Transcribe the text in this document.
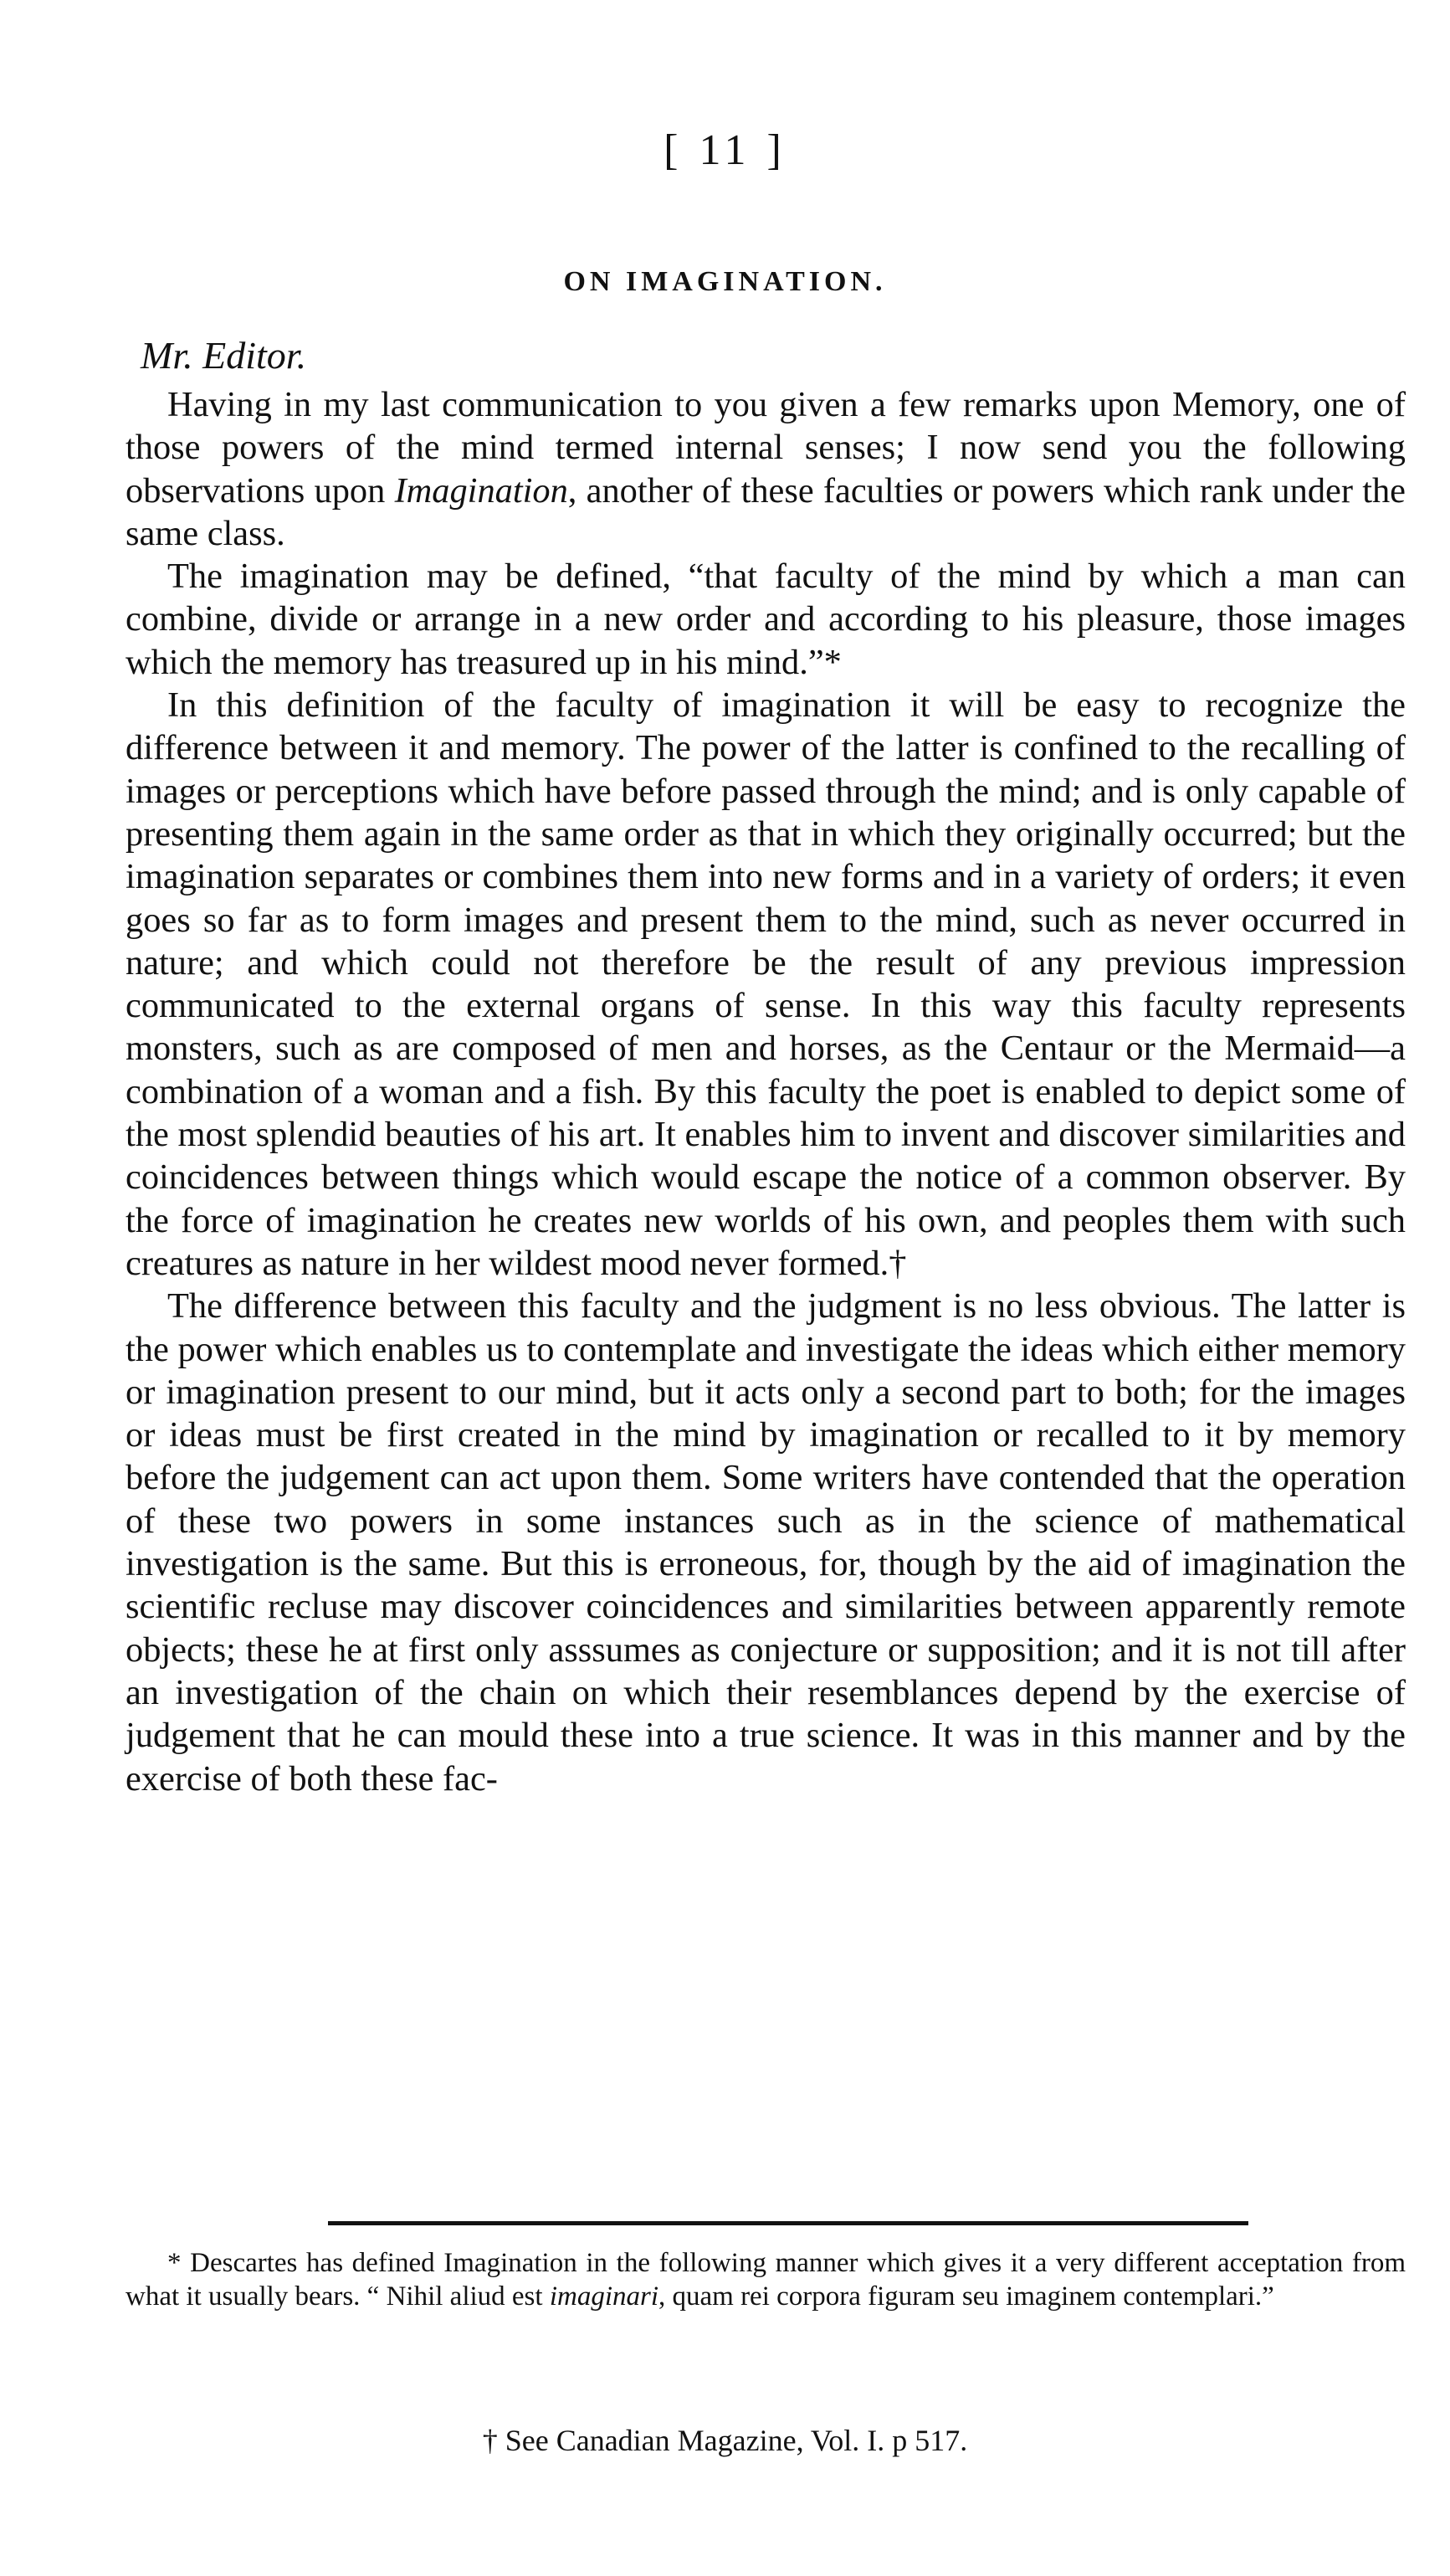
[ 11 ]
ON IMAGINATION.
Mr. Editor.

Having in my last communication to you given a few remarks upon Memory, one of those powers of the mind termed internal senses; I now send you the following observations upon Imagination, another of these faculties or powers which rank under the same class.

The imagination may be defined, “that faculty of the mind by which a man can combine, divide or arrange in a new order and according to his pleasure, those images which the memory has treasured up in his mind.”*

In this definition of the faculty of imagination it will be easy to recognize the difference between it and memory. The power of the latter is confined to the recalling of images or perceptions which have before passed through the mind; and is only capable of presenting them again in the same order as that in which they originally occurred; but the imagination separates or combines them into new forms and in a variety of orders; it even goes so far as to form images and present them to the mind, such as never occurred in nature; and which could not therefore be the result of any previous impression communicated to the external organs of sense. In this way this faculty represents monsters, such as are composed of men and horses, as the Centaur or the Mermaid—a combination of a woman and a fish. By this faculty the poet is enabled to depict some of the most splendid beauties of his art. It enables him to invent and discover similarities and coincidences between things which would escape the notice of a common observer. By the force of imagination he creates new worlds of his own, and peoples them with such creatures as nature in her wildest mood never formed.†

The difference between this faculty and the judgment is no less obvious. The latter is the power which enables us to contemplate and investigate the ideas which either memory or imagination present to our mind, but it acts only a second part to both; for the images or ideas must be first created in the mind by imagination or recalled to it by memory before the judgement can act upon them. Some writers have contended that the operation of these two powers in some instances such as in the science of mathematical investigation is the same. But this is erroneous, for, though by the aid of imagination the scientific recluse may discover coincidences and similarities between apparently remote objects; these he at first only asssumes as conjecture or supposition; and it is not till after an investigation of the chain on which their resemblances depend by the exercise of judgement that he can mould these into a true science. It was in this manner and by the exercise of both these fac-

* Descartes has defined Imagination in the following manner which gives it a very different acceptation from what it usually bears. “ Nihil aliud est imaginari, quam rei corpora figuram seu imaginem contemplari.”

† See Canadian Magazine, Vol. I. p 517.
